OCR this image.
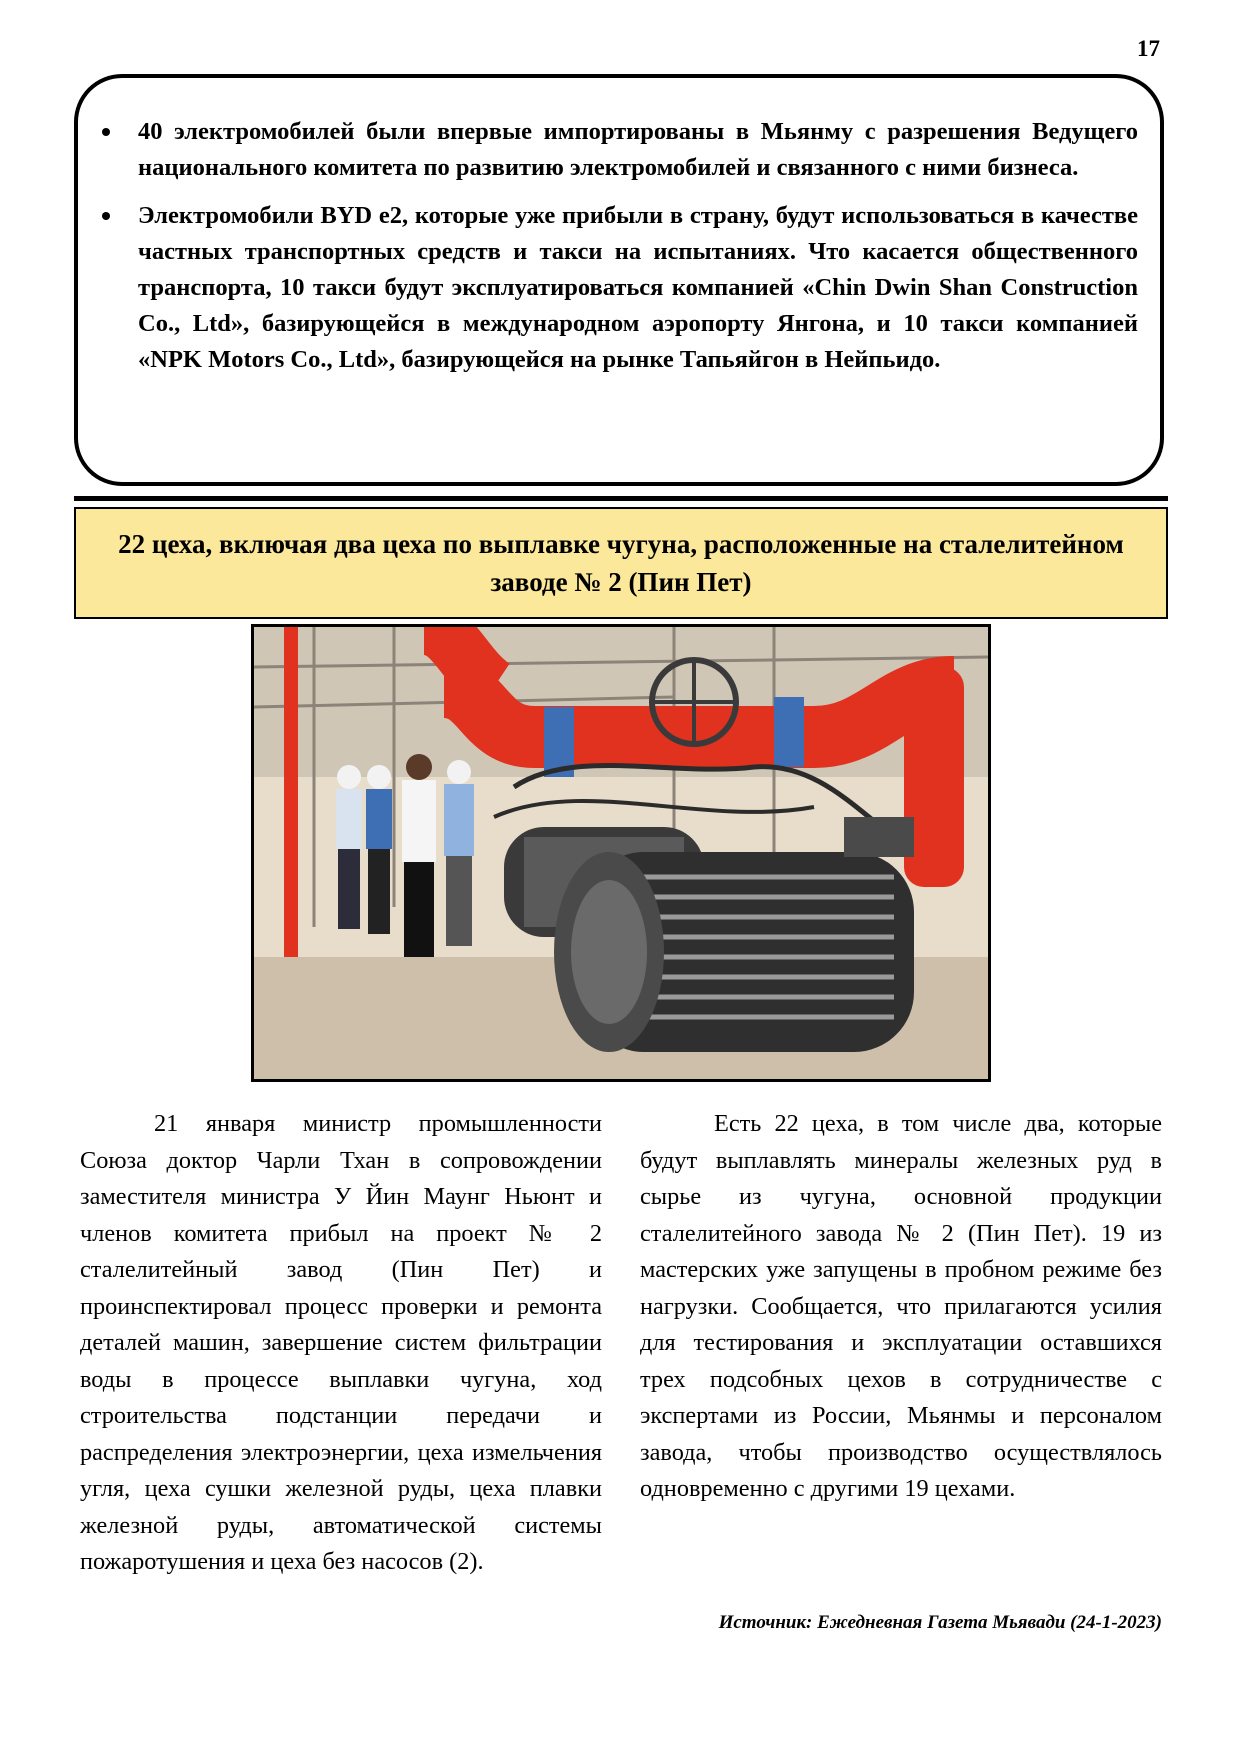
17
40 электромобилей были впервые импортированы в Мьянму с разрешения Ведущего национального комитета по развитию электромобилей и связанного с ними бизнеса.
Электромобили BYD e2, которые уже прибыли в страну, будут использоваться в качестве частных транспортных средств и такси на испытаниях. Что касается общественного транспорта, 10 такси будут эксплуатироваться компанией «Chin Dwin Shan Construction Co., Ltd», базирующейся в международном аэропорту Янгона, и 10 такси компанией «NPK Motors Co., Ltd», базирующейся на рынке Тапьяйгон в Нейпьидо.
22 цеха, включая два цеха по выплавке чугуна, расположенные на сталелитейном заводе № 2 (Пин Пет)

21 января министр промышленности Союза доктор Чарли Тхан в сопровождении заместителя министра У Йин Маунг Ньюнт и членов комитета прибыл на проект № 2 сталелитейный завод (Пин Пет) и проинспектировал процесс проверки и ремонта деталей машин, завершение систем фильтрации воды в процессе выплавки чугуна, ход строительства подстанции передачи и распределения электроэнергии, цеха измельчения угля, цеха сушки железной руды, цеха плавки железной руды, автоматической системы пожаротушения и цеха без насосов (2).

Есть 22 цеха, в том числе два, которые будут выплавлять минералы железных руд в сырье из чугуна, основной продукции сталелитейного завода № 2 (Пин Пет). 19 из мастерских уже запущены в пробном режиме без нагрузки. Сообщается, что прилагаются усилия для тестирования и эксплуатации оставшихся трех подсобных цехов в сотрудничестве с экспертами из России, Мьянмы и персоналом завода, чтобы производство осуществлялось одновременно с другими 19 цехами.

Источник: Ежедневная Газета Мьявади (24-1-2023)
